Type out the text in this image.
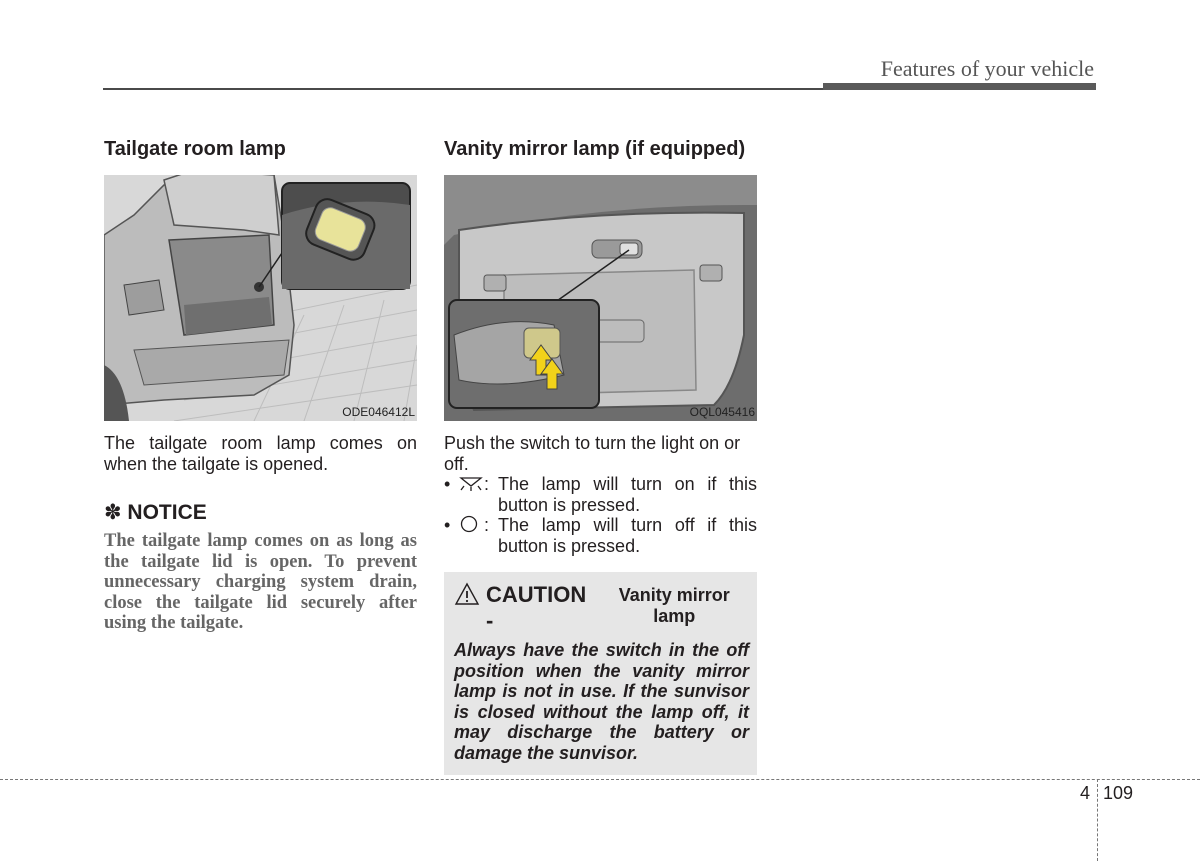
Features of your vehicle
Tailgate room lamp
ODE046412L

The tailgate room lamp comes on when the tailgate is opened.

✽ NOTICE
The tailgate lamp comes on as long as the tailgate lid is open. To prevent unnecessary charging system drain, close the tailgate lid securely after using the tailgate.
Vanity mirror lamp (if equipped)
OQL045416

Push the switch to turn the light on or off.

•	: The lamp will turn on if this button is pressed.
•	: The lamp will turn off if this button is pressed.
CAUTION -
Vanity mirror lamp
Always have the switch in the off position when the vanity mirror lamp is not in use. If the sunvisor is closed without the lamp off, it may discharge the battery or damage the sunvisor.
4 109
